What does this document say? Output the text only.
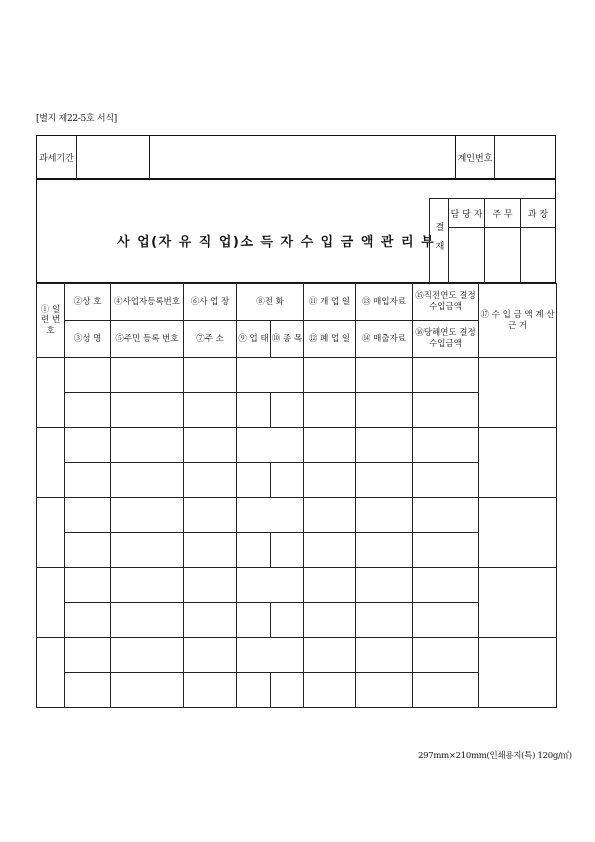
[별지 제22-5호 서식]
과세기간	계인번호
사 업(자 유 직 업)소 득 자 수 입 금 액 관 리 부
결재
담 당 자	주 무	과 장
① 일 련 번 호	②상 호	④사업자등록번호	⑥사 업 장	⑧전 화		⑪ 개 업 일	⑬ 매입자료	⑮직전연도 결정수입금액	⑰ 수 입 금 액 계 산 근 거
	③성 명	⑤주민 등록 번호	⑦주 소	⑨ 업 태	⑩ 종 목	⑫ 폐 업 일	⑭ 매출자료	⑯당해연도 결정수입금액	

297mm×210mm(인쇄용지(특) 120g/㎡)
